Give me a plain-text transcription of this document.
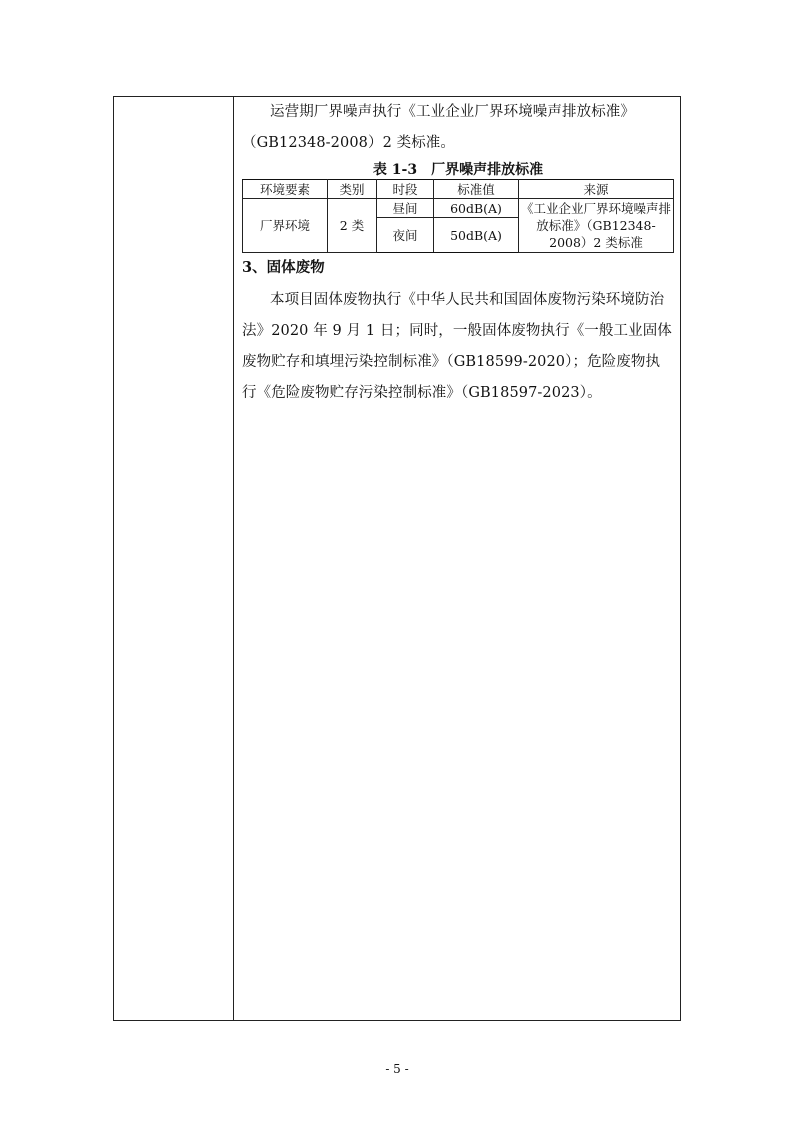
运营期厂界噪声执行《工业企业厂界环境噪声排放标准》

（GB12348-2008）2 类标准。

表 1-3　厂界噪声排放标准
环境要素	类别	时段	标准值	来源
厂界环境	2 类	昼间	60dB(A)	《工业企业厂界环境噪声排放标准》（GB12348-2008）2 类标准
		夜间	50dB(A)	
3、固体废物

本项目固体废物执行《中华人民共和国固体废物污染环境防治法》2020 年 9 月 1 日；同时，一般固体废物执行《一般工业固体废物贮存和填埋污染控制标准》（GB18599-2020）；危险废物执行《危险废物贮存污染控制标准》（GB18597-2023）。

- 5 -
